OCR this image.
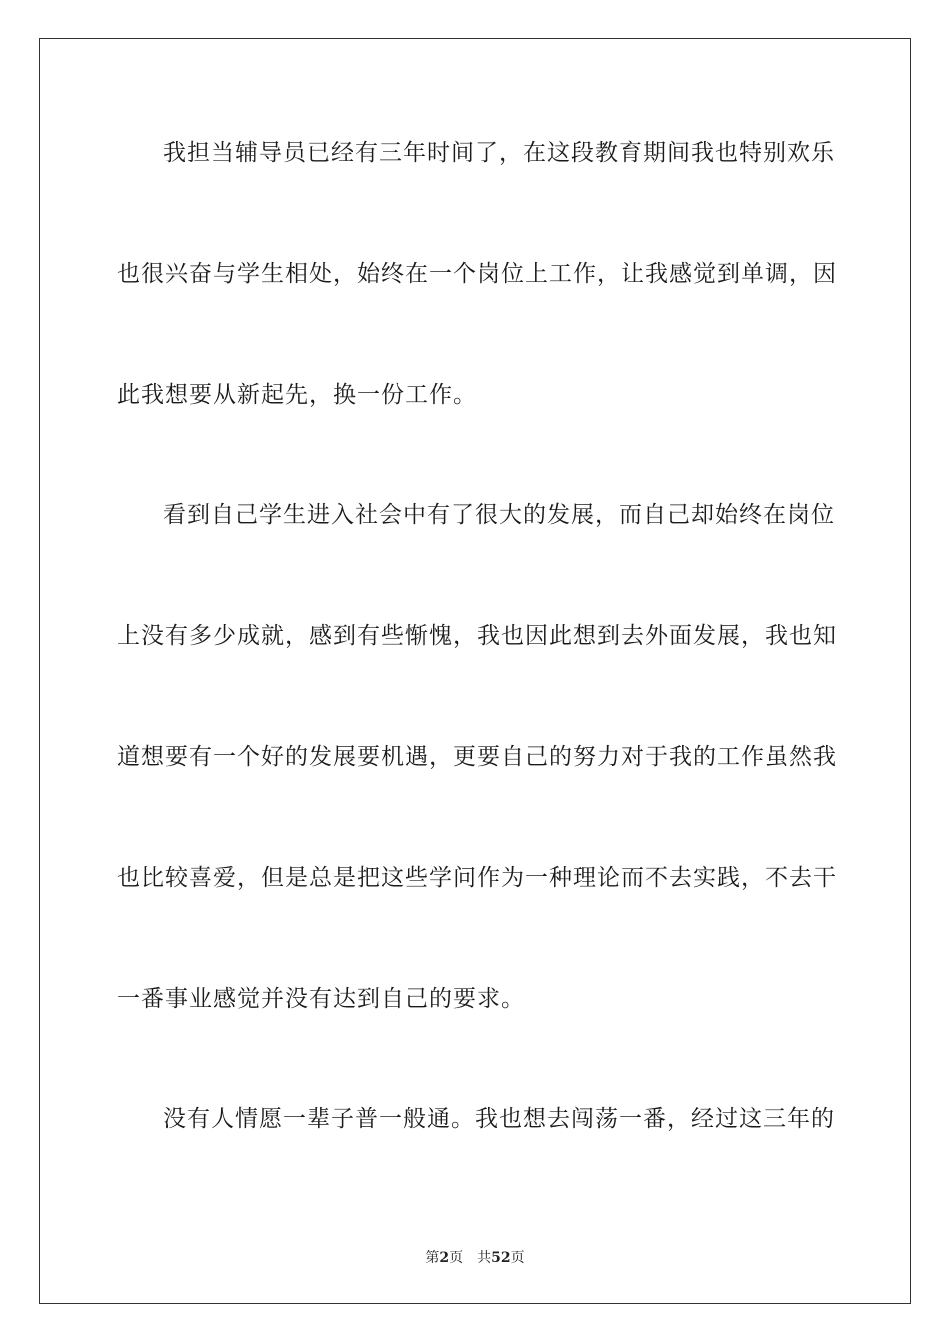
我担当辅导员已经有三年时间了，在这段教育期间我也特别欢乐
也很兴奋与学生相处，始终在一个岗位上工作，让我感觉到单调，因
此我想要从新起先，换一份工作。
看到自己学生进入社会中有了很大的发展，而自己却始终在岗位
上没有多少成就，感到有些惭愧，我也因此想到去外面发展，我也知
道想要有一个好的发展要机遇，更要自己的努力对于我的工作虽然我
也比较喜爱，但是总是把这些学问作为一种理论而不去实践，不去干
一番事业感觉并没有达到自己的要求。
没有人情愿一辈子普一般通。我也想去闯荡一番，经过这三年的
第2页 共52页
